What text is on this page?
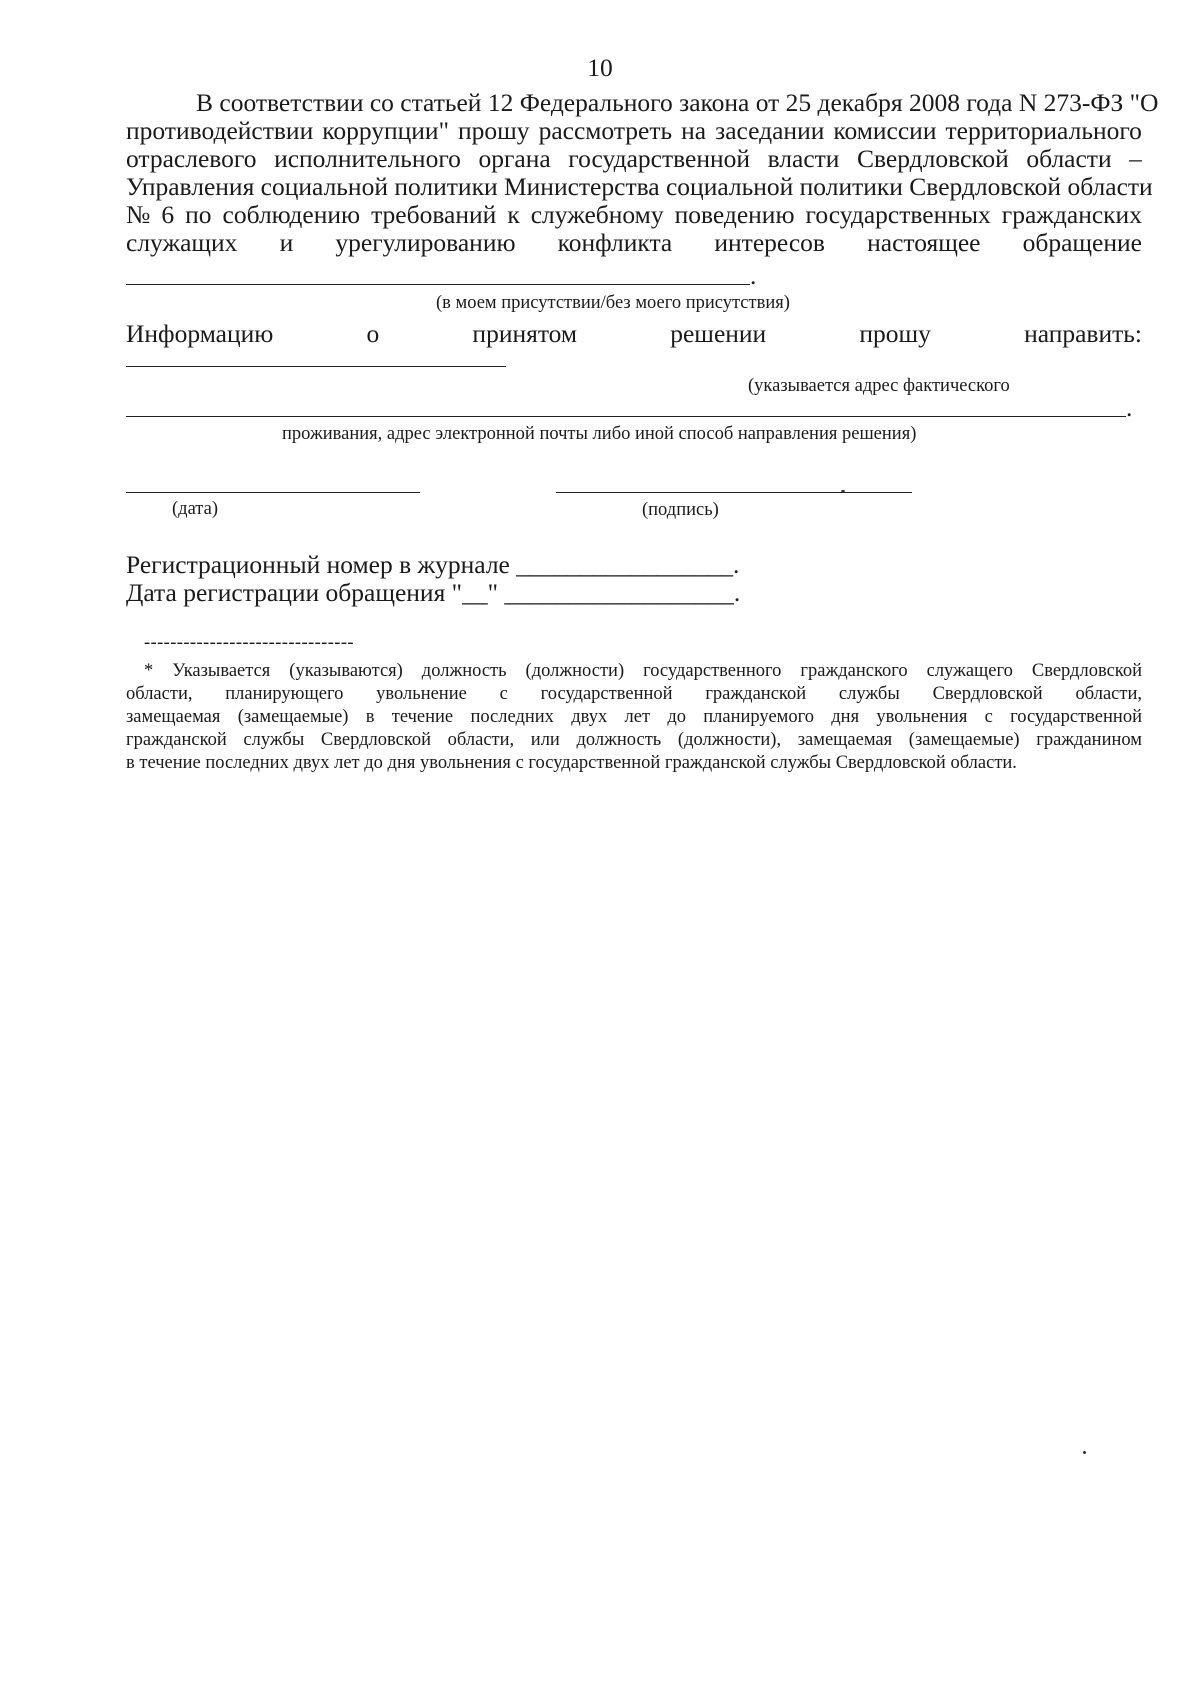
10
В соответствии со статьей 12 Федерального закона от 25 декабря 2008 года N 273-ФЗ "О
противодействии коррупции" прошу рассмотреть на заседании комиссии территориального
отраслевого исполнительного органа государственной власти Свердловской области –
Управления социальной политики Министерства социальной политики Свердловской области
№ 6 по соблюдению требований к служебному поведению государственных гражданских
служащих и урегулированию конфликта интересов настоящее обращение
.
(в моем присутствии/без моего присутствия)
Информацию	о	принятом	решении	прошу	направить:
(указывается адрес фактического
.
проживания, адрес электронной почты либо иной способ направления решения)
(дата)	(подпись)
Регистрационный номер в журнале _________________.
Дата регистрации обращения "__" __________________.
--------------------------------
* Указывается (указываются) должность (должности) государственного гражданского служащего Свердловской
области, планирующего увольнение с государственной гражданской службы Свердловской области,
замещаемая (замещаемые) в течение последних двух лет до планируемого дня увольнения с государственной
гражданской службы Свердловской области, или должность (должности), замещаемая (замещаемые) гражданином
в течение последних двух лет до дня увольнения с государственной гражданской службы Свердловской области.
